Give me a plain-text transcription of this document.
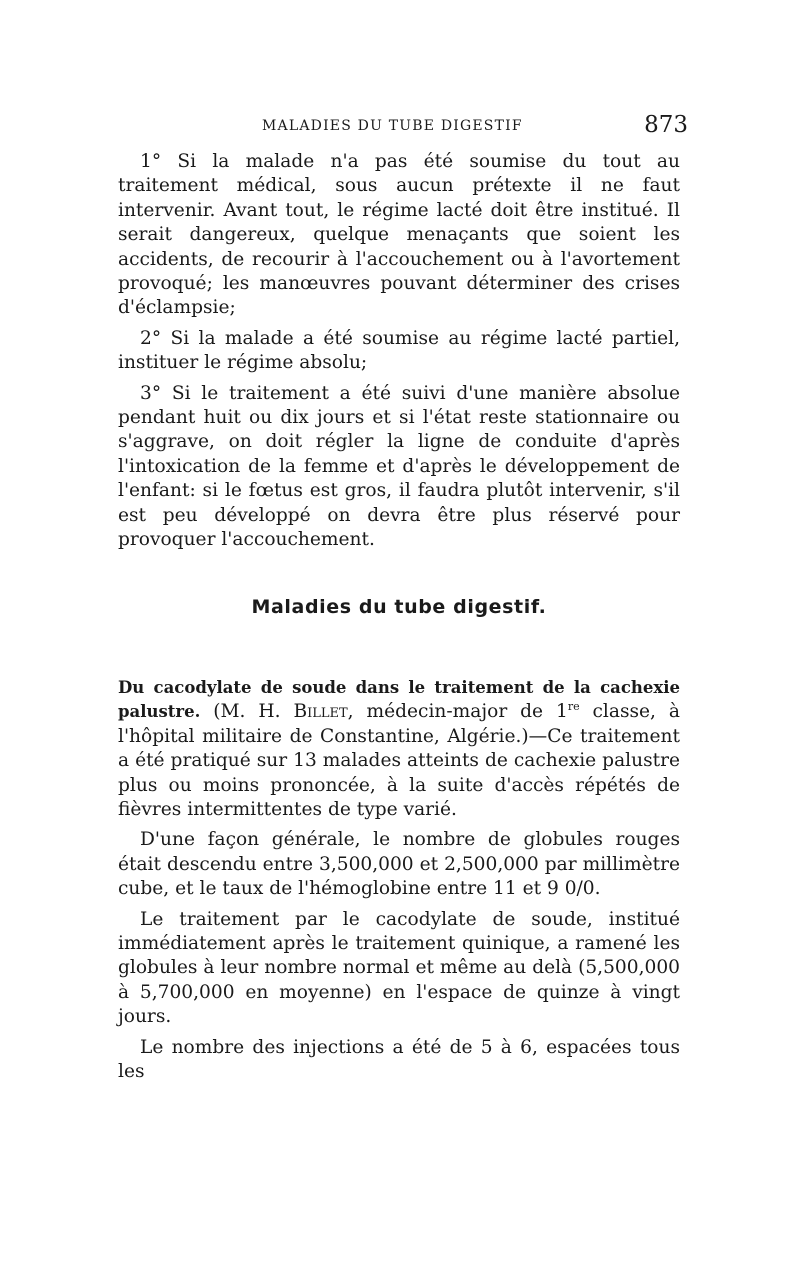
MALADIES DU TUBE DIGESTIF	873

1° Si la malade n'a pas été soumise du tout au traitement médical, sous aucun prétexte il ne faut intervenir. Avant tout, le régime lacté doit être institué. Il serait dangereux, quelque menaçants que soient les accidents, de recourir à l'accouchement ou à l'avortement provoqué; les manœuvres pouvant déterminer des crises d'éclampsie;

2° Si la malade a été soumise au régime lacté partiel, instituer le régime absolu;

3° Si le traitement a été suivi d'une manière absolue pendant huit ou dix jours et si l'état reste stationnaire ou s'aggrave, on doit régler la ligne de conduite d'après l'intoxication de la femme et d'après le développement de l'enfant: si le fœtus est gros, il faudra plutôt intervenir, s'il est peu développé on devra être plus réservé pour provoquer l'accouchement.

Maladies du tube digestif.

Du cacodylate de soude dans le traitement de la cachexie palustre. (M. H. Billet, médecin-major de 1re classe, à l'hôpital militaire de Constantine, Algérie.)—Ce traitement a été pratiqué sur 13 malades atteints de cachexie palustre plus ou moins prononcée, à la suite d'accès répétés de fièvres intermittentes de type varié.

D'une façon générale, le nombre de globules rouges était descendu entre 3,500,000 et 2,500,000 par millimètre cube, et le taux de l'hémoglobine entre 11 et 9 0/0.

Le traitement par le cacodylate de soude, institué immédiatement après le traitement quinique, a ramené les globules à leur nombre normal et même au delà (5,500,000 à 5,700,000 en moyenne) en l'espace de quinze à vingt jours.

Le nombre des injections a été de 5 à 6, espacées tous les
